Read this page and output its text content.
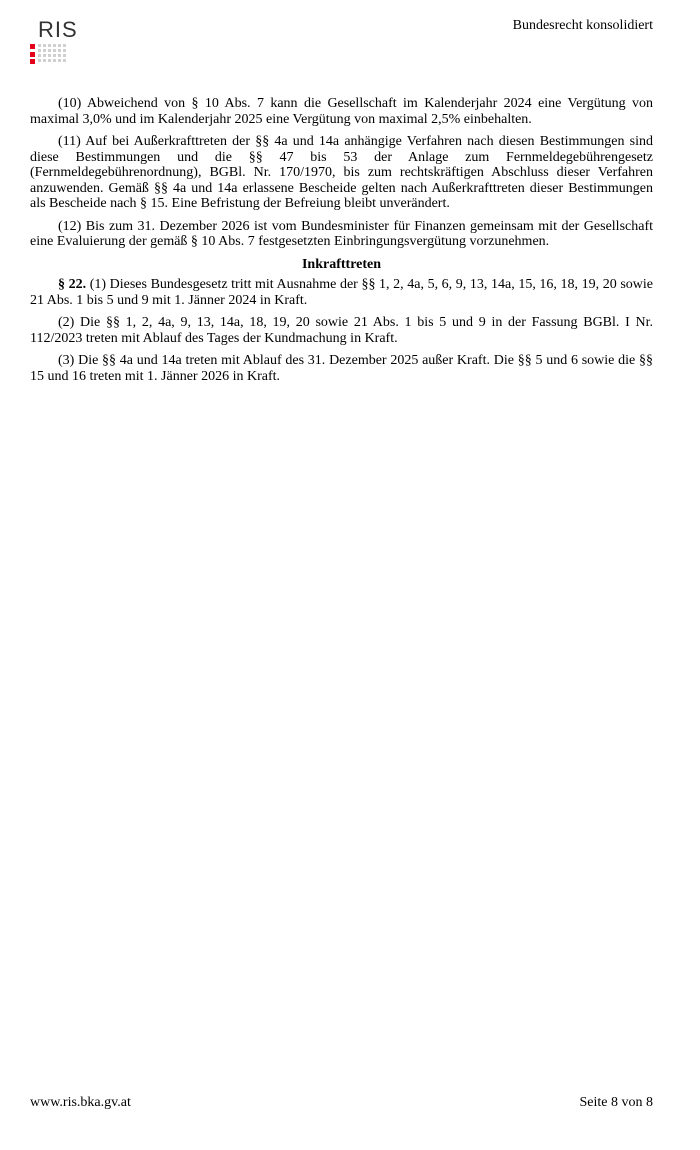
RIS	Bundesrecht konsolidiert

(10) Abweichend von § 10 Abs. 7 kann die Gesellschaft im Kalenderjahr 2024 eine Vergütung von maximal 3,0% und im Kalenderjahr 2025 eine Vergütung von maximal 2,5% einbehalten.

(11) Auf bei Außerkrafttreten der §§ 4a und 14a anhängige Verfahren nach diesen Bestimmungen sind diese Bestimmungen und die §§ 47 bis 53 der Anlage zum Fernmeldegebührengesetz (Fernmeldegebührenordnung), BGBl. Nr. 170/1970, bis zum rechtskräftigen Abschluss dieser Verfahren anzuwenden. Gemäß §§ 4a und 14a erlassene Bescheide gelten nach Außerkrafttreten dieser Bestimmungen als Bescheide nach § 15. Eine Befristung der Befreiung bleibt unverändert.

(12) Bis zum 31. Dezember 2026 ist vom Bundesminister für Finanzen gemeinsam mit der Gesellschaft eine Evaluierung der gemäß § 10 Abs. 7 festgesetzten Einbringungsvergütung vorzunehmen.

Inkrafttreten

§ 22. (1) Dieses Bundesgesetz tritt mit Ausnahme der §§ 1, 2, 4a, 5, 6, 9, 13, 14a, 15, 16, 18, 19, 20 sowie 21 Abs. 1 bis 5 und 9 mit 1. Jänner 2024 in Kraft.

(2) Die §§ 1, 2, 4a, 9, 13, 14a, 18, 19, 20 sowie 21 Abs. 1 bis 5 und 9 in der Fassung BGBl. I Nr. 112/2023 treten mit Ablauf des Tages der Kundmachung in Kraft.

(3) Die §§ 4a und 14a treten mit Ablauf des 31. Dezember 2025 außer Kraft. Die §§ 5 und 6 sowie die §§ 15 und 16 treten mit 1. Jänner 2026 in Kraft.

www.ris.bka.gv.at	Seite 8 von 8
